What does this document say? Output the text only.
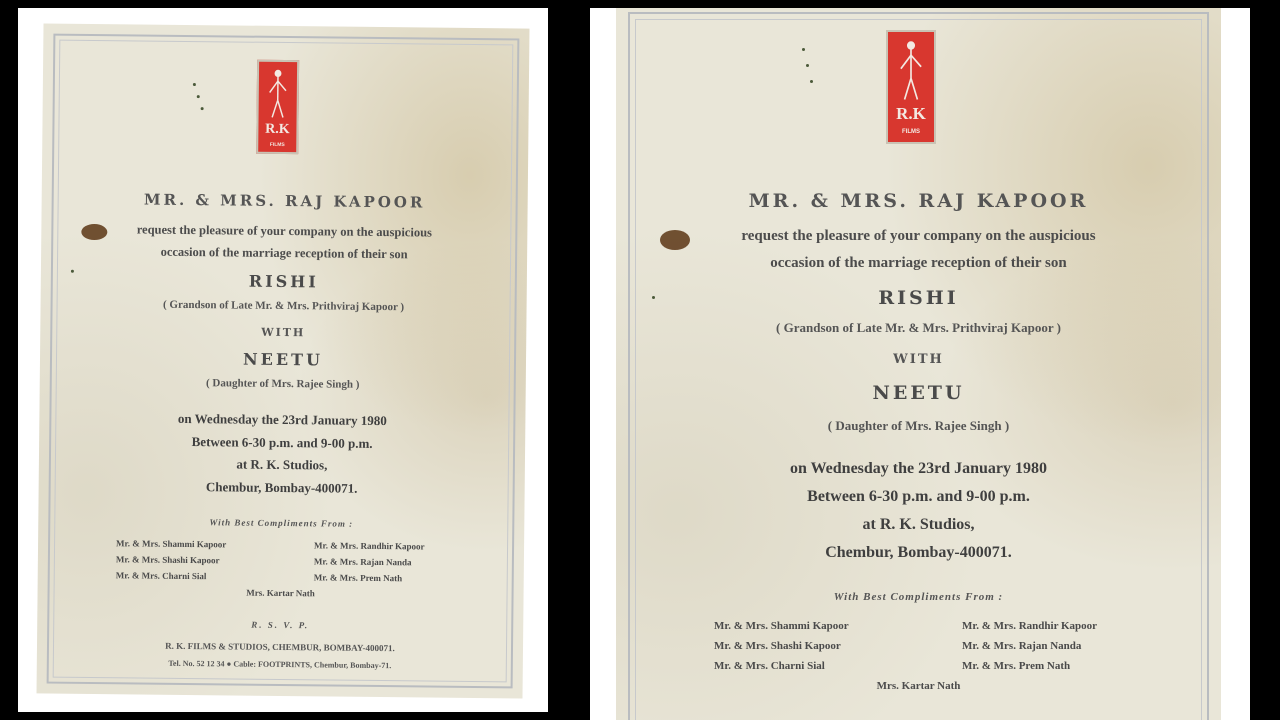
R.K
FILMS
MR. & MRS. RAJ KAPOOR
request the pleasure of your company on the auspicious
occasion of the marriage reception of their son
RISHI
( Grandson of Late Mr. & Mrs. Prithviraj Kapoor )
WITH
NEETU
( Daughter of Mrs. Rajee Singh )
on Wednesday the 23rd January 1980
Between 6-30 p.m. and 9-00 p.m.
at R. K. Studios,
Chembur, Bombay-400071.
With Best Compliments From :
Mr. & Mrs. Shammi Kapoor
Mr. & Mrs. Shashi Kapoor
Mr. & Mrs. Charni Sial
Mr. & Mrs. Randhir Kapoor
Mr. & Mrs. Rajan Nanda
Mr. & Mrs. Prem Nath
Mrs. Kartar Nath
R. S. V. P.
R. K. FILMS & STUDIOS, CHEMBUR, BOMBAY-400071.
Tel. No. 52 12 34 ● Cable: FOOTPRINTS, Chembur, Bombay-71.
R.K
FILMS
MR. & MRS. RAJ KAPOOR
request the pleasure of your company on the auspicious
occasion of the marriage reception of their son
RISHI
( Grandson of Late Mr. & Mrs. Prithviraj Kapoor )
WITH
NEETU
( Daughter of Mrs. Rajee Singh )
on Wednesday the 23rd January 1980
Between 6-30 p.m. and 9-00 p.m.
at R. K. Studios,
Chembur, Bombay-400071.
With Best Compliments From :
Mr. & Mrs. Shammi Kapoor
Mr. & Mrs. Shashi Kapoor
Mr. & Mrs. Charni Sial
Mr. & Mrs. Randhir Kapoor
Mr. & Mrs. Rajan Nanda
Mr. & Mrs. Prem Nath
Mrs. Kartar Nath
